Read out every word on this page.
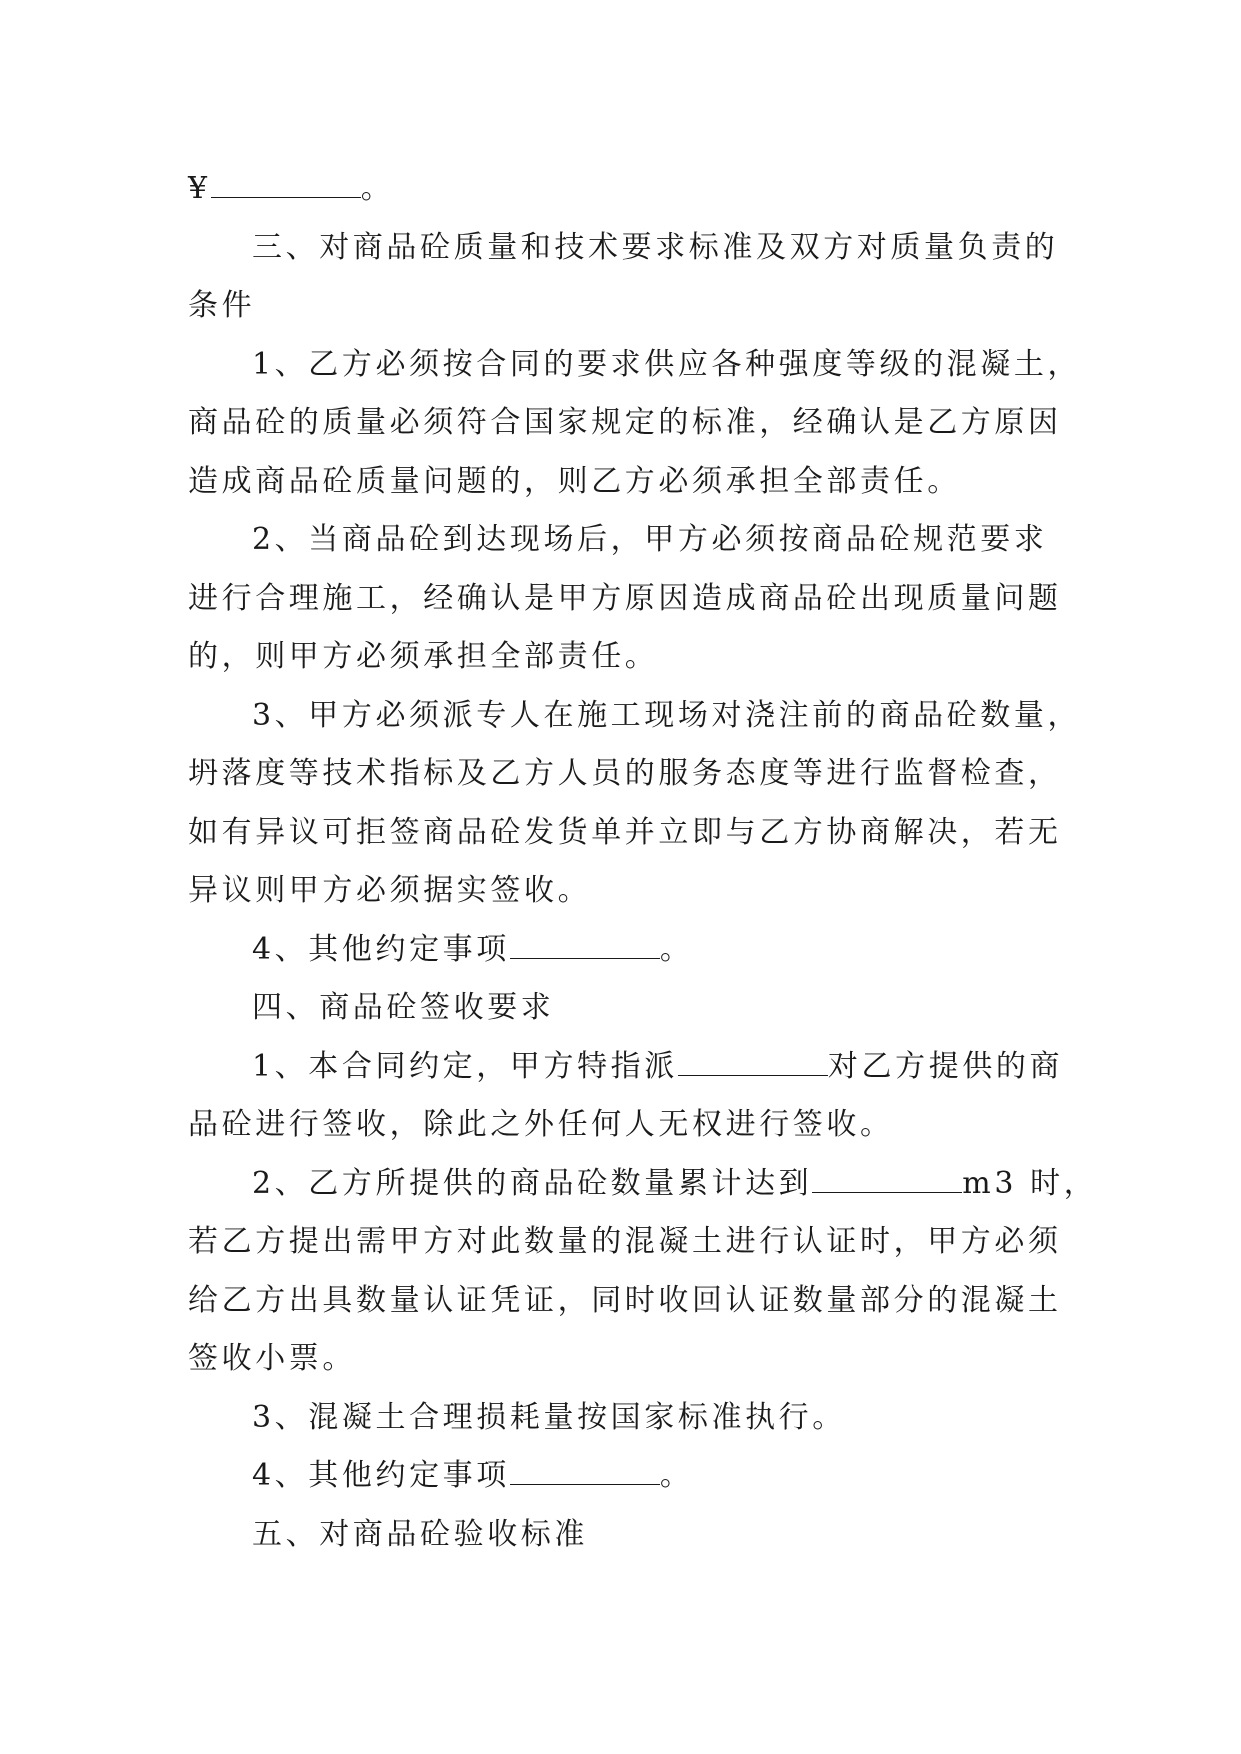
¥	。

三、对商品砼质量和技术要求标准及双方对质量负责的

条件

1、乙方必须按合同的要求供应各种强度等级的混凝土，

商品砼的质量必须符合国家规定的标准，经确认是乙方原因

造成商品砼质量问题的，则乙方必须承担全部责任。

2、当商品砼到达现场后，甲方必须按商品砼规范要求

进行合理施工，经确认是甲方原因造成商品砼出现质量问题

的，则甲方必须承担全部责任。

3、甲方必须派专人在施工现场对浇注前的商品砼数量，

坍落度等技术指标及乙方人员的服务态度等进行监督检查，

如有异议可拒签商品砼发货单并立即与乙方协商解决，若无

异议则甲方必须据实签收。

4、其他约定事项	。

四、商品砼签收要求

1、本合同约定，甲方特指派	对乙方提供的商

品砼进行签收，除此之外任何人无权进行签收。

2、乙方所提供的商品砼数量累计达到	m3 时，

若乙方提出需甲方对此数量的混凝土进行认证时，甲方必须

给乙方出具数量认证凭证，同时收回认证数量部分的混凝土

签收小票。

3、混凝土合理损耗量按国家标准执行。

4、其他约定事项	。

五、对商品砼验收标准
